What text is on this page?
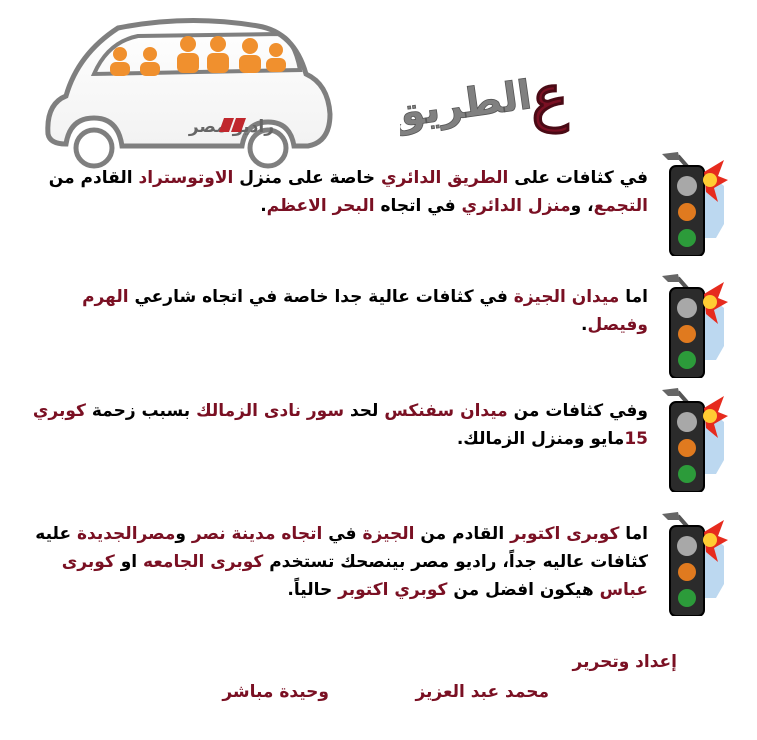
راديو مصر	ع
الطريق
في كثافات على الطريق الدائري خاصة على منزل الاوتوستراد القادم من التجمع، ومنزل الدائري في اتجاه البحر الاعظم.
اما ميدان الجيزة في كثافات عالية جدا خاصة في اتجاه شارعي الهرم وفيصل.
وفي كثافات من ميدان سفنكس لحد سور نادى الزمالك بسبب زحمة كوبري 15مايو ومنزل الزمالك.
اما كوبرى اكتوبر القادم من الجيزة في اتجاه مدينة نصر ومصرالجديدة عليه كثافات عاليه جداً، راديو مصر بينصحك تستخدم كوبرى الجامعه او كوبرى عباس هيكون افضل من كوبري اكتوبر حالياً.
إعداد وتحرير
محمد عبد العزيز
وحيدة مباشر
